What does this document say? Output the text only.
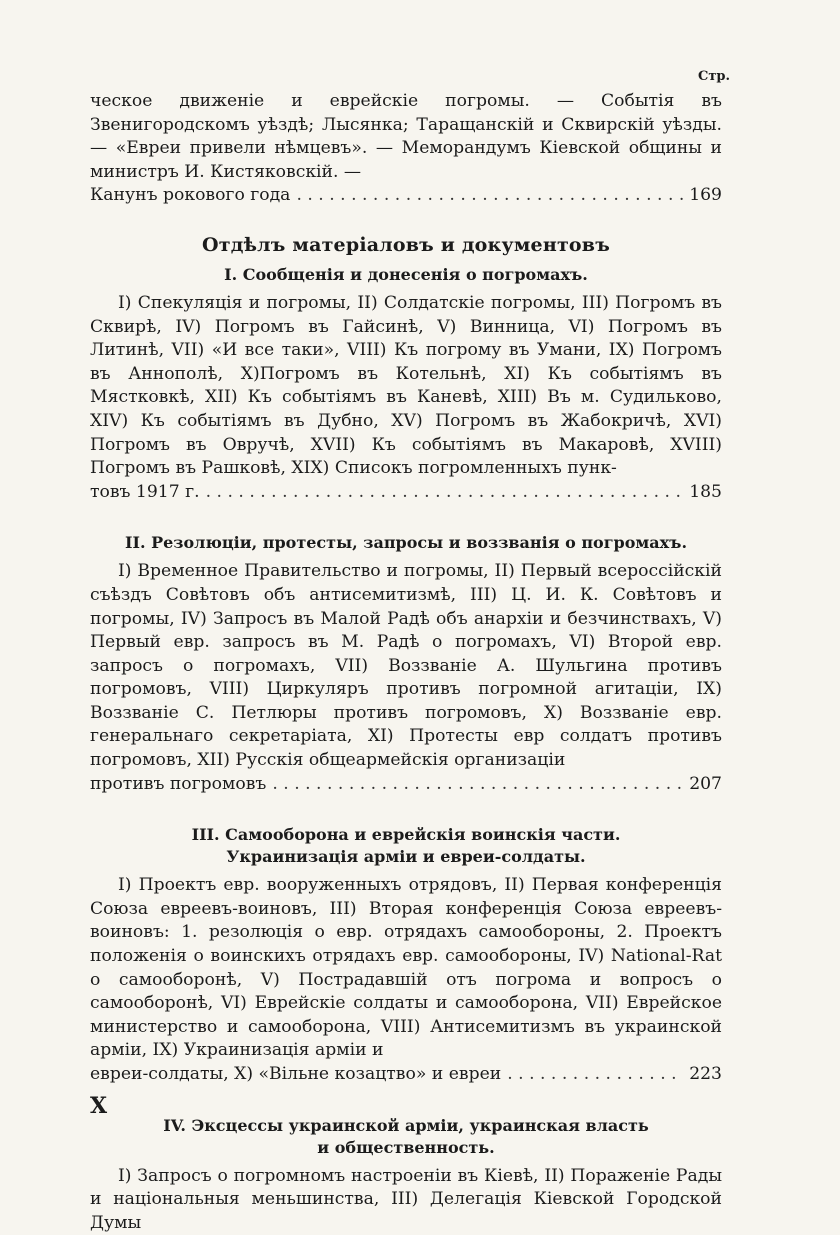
Стр.

ческое движеніе и еврейскіе погромы. — Событія въ Звенигородскомъ уѣздѣ; Лысянка; Таращанскій и Сквирскій уѣзды. — «Евреи привели нѣмцевъ». — Меморандумъ Кіевской общины и министръ И. Кистяковскій. —

Канунъ рокового года . . .	169
Отдѣлъ матеріаловъ и документовъ
I. Сообщенія и донесенія о погромахъ.

I) Спекуляція и погромы, II) Солдатскіе погромы, III) Погромъ въ Сквирѣ, IV) Погромъ въ Гайсинѣ, V) Винница, VI) Погромъ въ Литинѣ, VII) «И все таки», VIII) Къ погрому въ Умани, IX) Погромъ въ Аннополѣ, X)Погромъ въ Котельнѣ, XI) Къ событіямъ въ Мястковкѣ, XII) Къ событіямъ въ Каневѣ, XIII) Въ м. Судильково, XIV) Къ событіямъ въ Дубно, XV) Погромъ въ Жабокричѣ, XVI) Погромъ въ Овручѣ, XVII) Къ событіямъ въ Макаровѣ, XVIII) Погромъ въ Рашковѣ, XIX) Списокъ погромленныхъ пунк-

товъ 1917 г. . . .	185
II. Резолюціи, протесты, запросы и воззванія о погромахъ.

I) Временное Правительство и погромы, II) Первый всероссійскій съѣздъ Совѣтовъ объ антисемитизмѣ, III) Ц. И. К. Совѣтовъ и погромы, IV) Запросъ въ Малой Радѣ объ анархіи и безчинствахъ, V) Первый евр. запросъ въ М. Радѣ о погромахъ, VI) Второй евр. запросъ о погромахъ, VII) Воззваніе А. Шульгина противъ погромовъ, VIII) Циркуляръ противъ погромной агитаціи, IX) Воззваніе С. Петлюры противъ погромовъ, X) Воззваніе евр. генеральнаго секретаріата, XI) Протесты евр солдатъ противъ погромовъ, XII) Русскія общеармейскія организаціи

противъ погромовъ . . .	207
III. Самооборона и еврейскія воинскія части. Украинизація арміи и евреи-солдаты.

I) Проектъ евр. вооруженныхъ отрядовъ, II) Первая конференція Союза евреевъ-воиновъ, III) Вторая конференція Союза евреевъ-воиновъ: 1. резолюція о евр. отрядахъ самообороны, 2. Проектъ положенія о воинскихъ отрядахъ евр. самообороны, IV) National-Rat о самооборонѣ, V) Пострадавшій отъ погрома и вопросъ о самооборонѣ, VI) Еврейскіе солдаты и самооборона, VII) Еврейское министерство и самооборона, VIII) Антисемитизмъ въ украинской арміи, IX) Украинизація арміи и

евреи-солдаты, X) «Вільне козацтво» и евреи . . .	223
IV. Эксцессы украинской арміи, украинская власть и общественность.

I) Запросъ о погромномъ настроеніи въ Кіевѣ, II) Пораженіе Рады и національныя меньшинства, III) Делегація Кіевской Городской Думы

X
